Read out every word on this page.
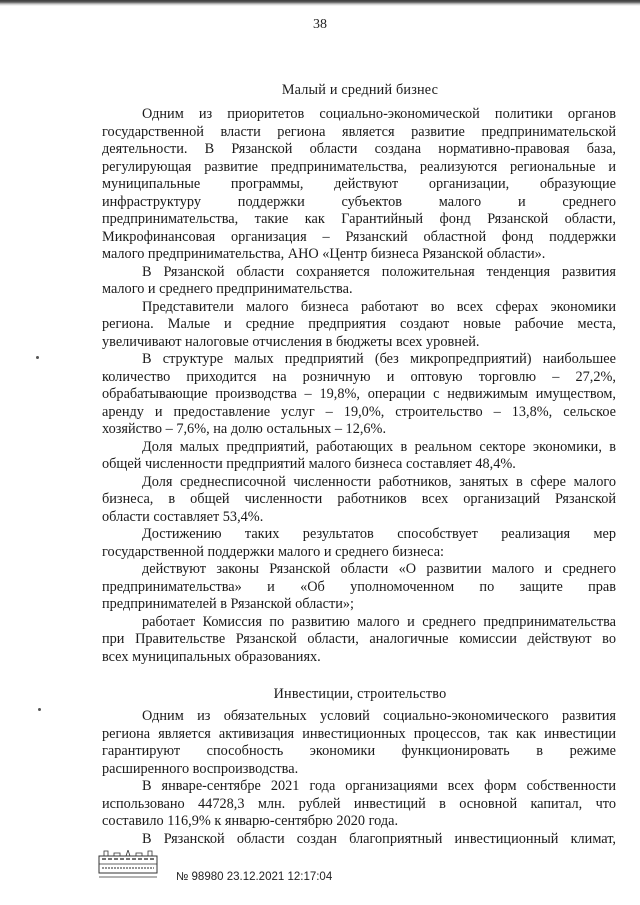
38
Малый и средний бизнес
Одним из приоритетов социально-экономической политики органов
государственной власти региона является развитие предпринимательской
деятельности. В Рязанской области создана нормативно-правовая база,
регулирующая развитие предпринимательства, реализуются региональные и
муниципальные программы, действуют организации, образующие
инфраструктуру поддержки субъектов малого и среднего
предпринимательства, такие как Гарантийный фонд Рязанской области,
Микрофинансовая организация – Рязанский областной фонд поддержки
малого предпринимательства, АНО «Центр бизнеса Рязанской области».
В Рязанской области сохраняется положительная тенденция развития
малого и среднего предпринимательства.
Представители малого бизнеса работают во всех сферах экономики
региона. Малые и средние предприятия создают новые рабочие места,
увеличивают налоговые отчисления в бюджеты всех уровней.
В структуре малых предприятий (без микропредприятий) наибольшее
количество приходится на розничную и оптовую торговлю – 27,2%,
обрабатывающие производства – 19,8%, операции с недвижимым имуществом,
аренду и предоставление услуг – 19,0%, строительство – 13,8%, сельское
хозяйство – 7,6%, на долю остальных – 12,6%.
Доля малых предприятий, работающих в реальном секторе экономики, в
общей численности предприятий малого бизнеса составляет 48,4%.
Доля среднесписочной численности работников, занятых в сфере малого
бизнеса, в общей численности работников всех организаций Рязанской
области составляет 53,4%.
Достижению таких результатов способствует реализация мер
государственной поддержки малого и среднего бизнеса:
действуют законы Рязанской области «О развитии малого и среднего
предпринимательства» и «Об уполномоченном по защите прав
предпринимателей в Рязанской области»;
работает Комиссия по развитию малого и среднего предпринимательства
при Правительстве Рязанской области, аналогичные комиссии действуют во
всех муниципальных образованиях.
Инвестиции, строительство
Одним из обязательных условий социально-экономического развития
региона является активизация инвестиционных процессов, так как инвестиции
гарантируют способность экономики функционировать в режиме
расширенного воспроизводства.
В январе-сентябре 2021 года организациями всех форм собственности
использовано 44728,3 млн. рублей инвестиций в основной капитал, что
составило 116,9% к январю-сентябрю 2020 года.
В Рязанской области создан благоприятный инвестиционный климат,
№ 98980 23.12.2021 12:17:04
